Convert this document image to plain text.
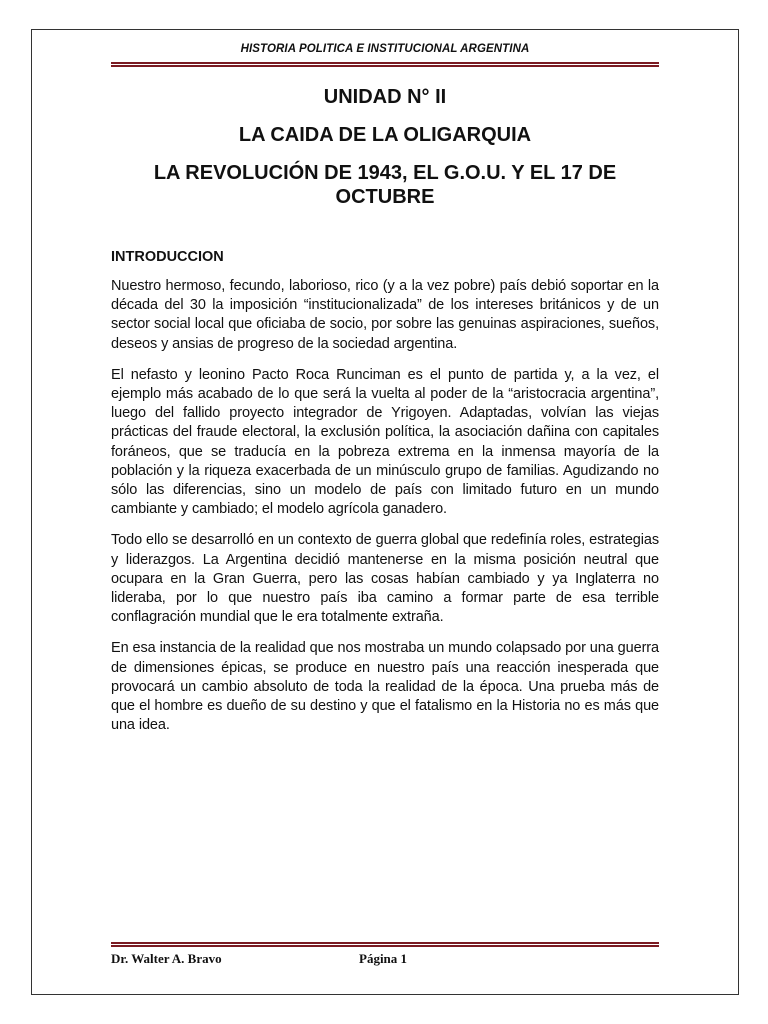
HISTORIA POLITICA E INSTITUCIONAL ARGENTINA

UNIDAD N° II

LA CAIDA DE LA OLIGARQUIA

LA REVOLUCIÓN DE 1943, EL G.O.U. Y EL 17 DE OCTUBRE

INTRODUCCION

Nuestro hermoso, fecundo, laborioso, rico (y a la vez pobre) país debió soportar en la década del 30 la imposición “institucionalizada” de los intereses británicos y de un sector social local que oficiaba de socio, por sobre las genuinas aspiraciones, sueños, deseos y ansias de progreso de la sociedad argentina.

El nefasto y leonino Pacto Roca Runciman es el punto de partida y, a la vez, el ejemplo más acabado de lo que será la vuelta al poder de la “aristocracia argentina”, luego del fallido proyecto integrador de Yrigoyen. Adaptadas, volvían las viejas prácticas del fraude electoral, la exclusión política, la asociación dañina con capitales foráneos, que se traducía en la pobreza extrema en la inmensa mayoría de la población y la riqueza exacerbada de un minúsculo grupo de familias. Agudizando no sólo las diferencias, sino un modelo de país con limitado futuro en un mundo cambiante y cambiado; el modelo agrícola ganadero.

Todo ello se desarrolló en un contexto de guerra global que redefinía roles, estrategias y liderazgos. La Argentina decidió mantenerse en la misma posición neutral que ocupara en la Gran Guerra, pero las cosas habían cambiado y ya Inglaterra no lideraba, por lo que nuestro país iba camino a formar parte de esa terrible conflagración mundial que le era totalmente extraña.

En esa instancia de la realidad que nos mostraba un mundo colapsado por una guerra de dimensiones épicas, se produce en nuestro país una reacción inesperada que provocará un cambio absoluto de toda la realidad de la época. Una prueba más de que el hombre es dueño de su destino y que el fatalismo en la Historia no es más que una idea.

Dr. Walter A. Bravo	Página 1
